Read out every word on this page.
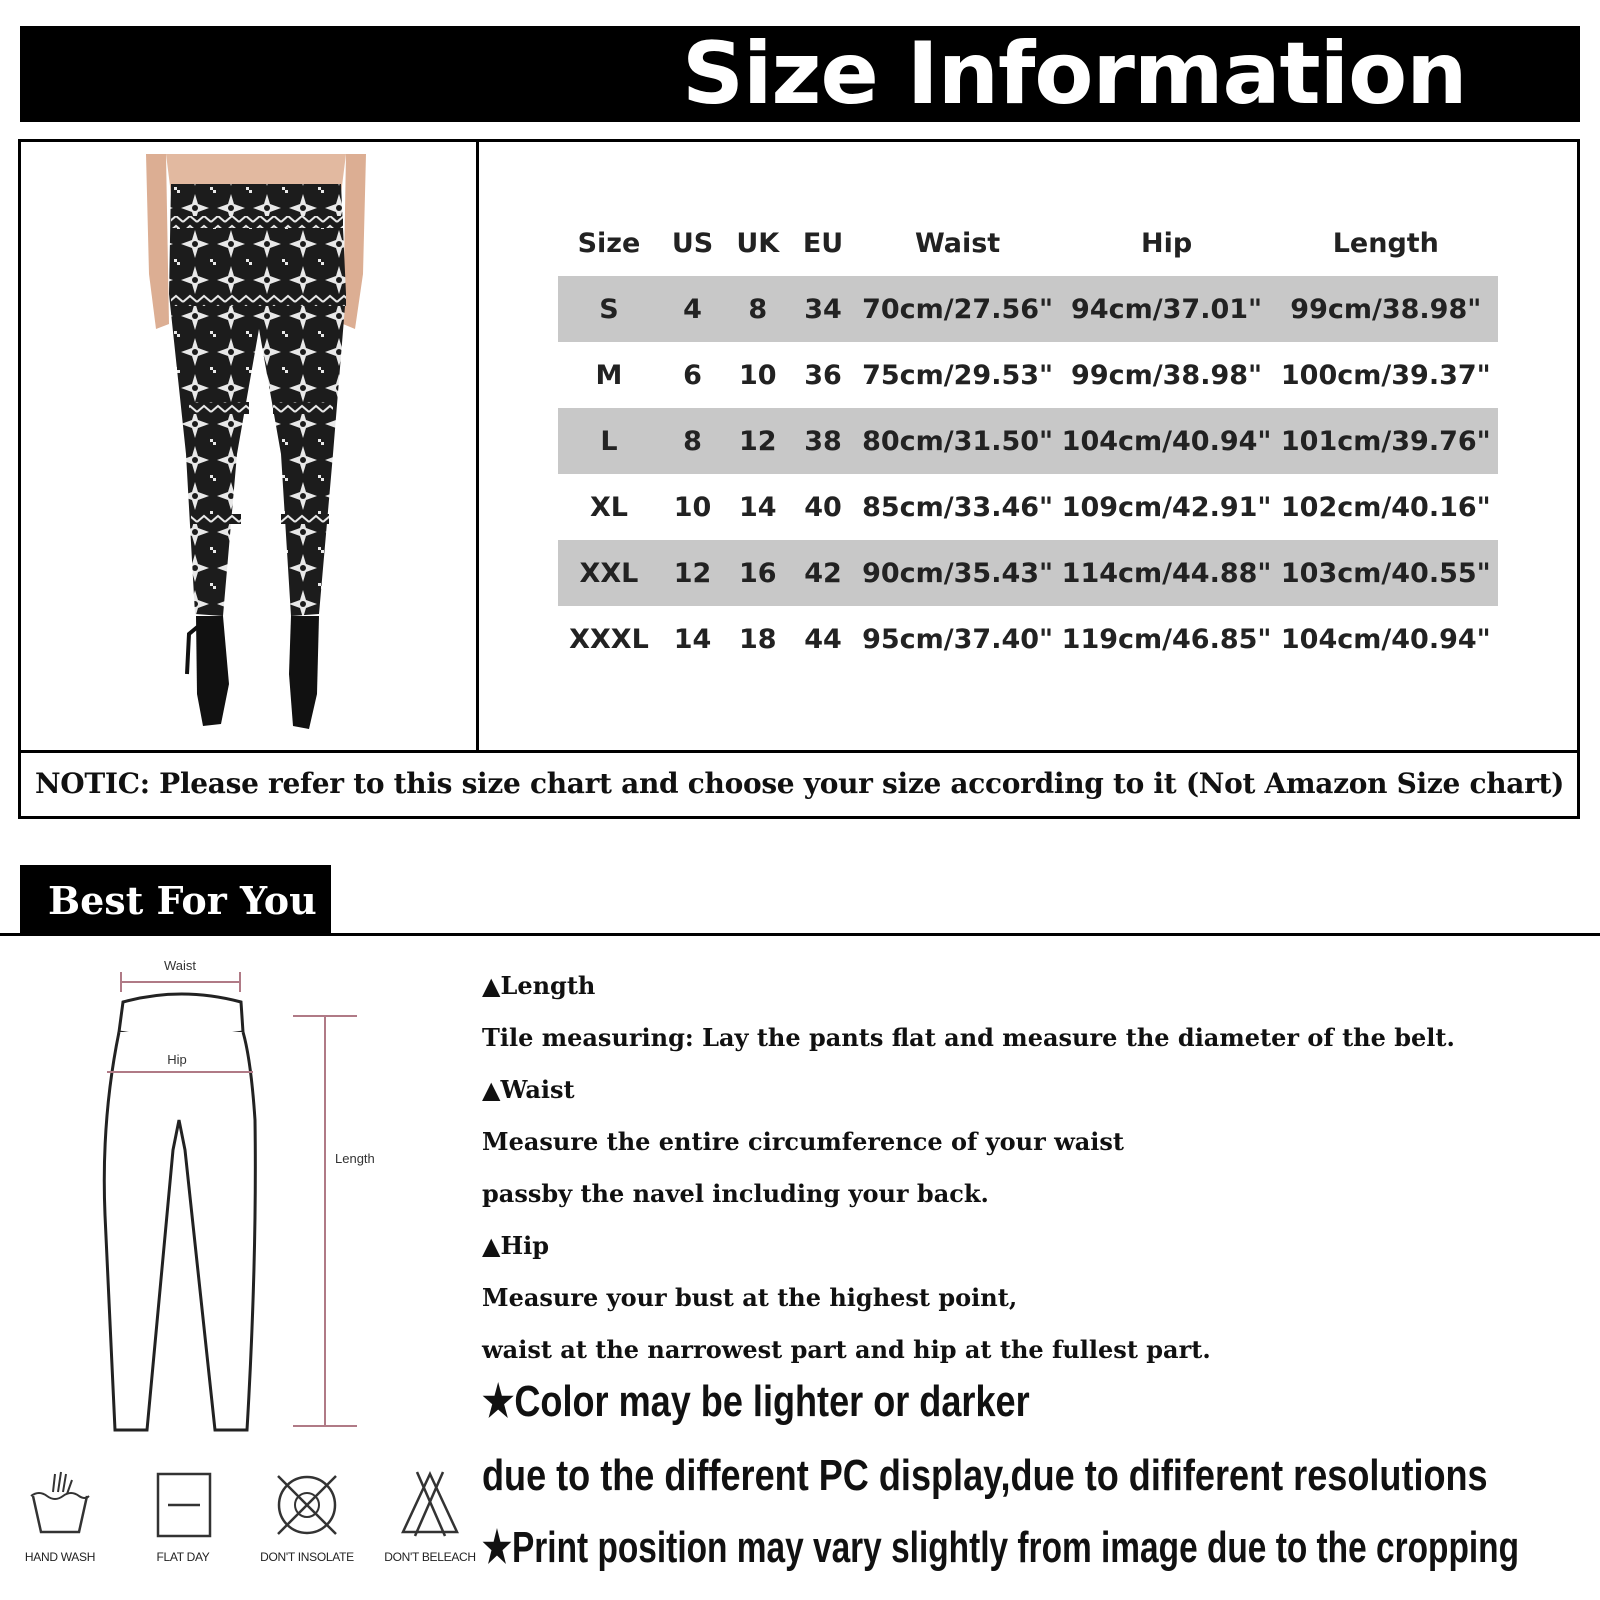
Size Information
Size	US	UK	EU	Waist	Hip	Length
S	4	8	34	70cm/27.56"	94cm/37.01"	99cm/38.98"
M	6	10	36	75cm/29.53"	99cm/38.98"	100cm/39.37"
L	8	12	38	80cm/31.50"	104cm/40.94"	101cm/39.76"
XL	10	14	40	85cm/33.46"	109cm/42.91"	102cm/40.16"
XXL	12	16	42	90cm/35.43"	114cm/44.88"	103cm/40.55"
XXXL	14	18	44	95cm/37.40"	119cm/46.85"	104cm/40.94"
NOTIC: Please refer to this size chart and choose your size according to it (Not Amazon Size chart)
Best For You
Waist
Hip
Length
▲Length
Tile measuring: Lay the pants flat and measure the diameter of the belt.
▲Waist
Measure the entire circumference of your waist
passby the navel including your back.
▲Hip
Measure your bust at the highest point,
waist at the narrowest part and hip at the fullest part.
★Color may be lighter or darker
due to the different PC display,due to dififerent resolutions
★Print position may vary slightly from image due to the cropping
HAND WASH	FLAT DAY	DON'T INSOLATE	DON'T BELEACH
